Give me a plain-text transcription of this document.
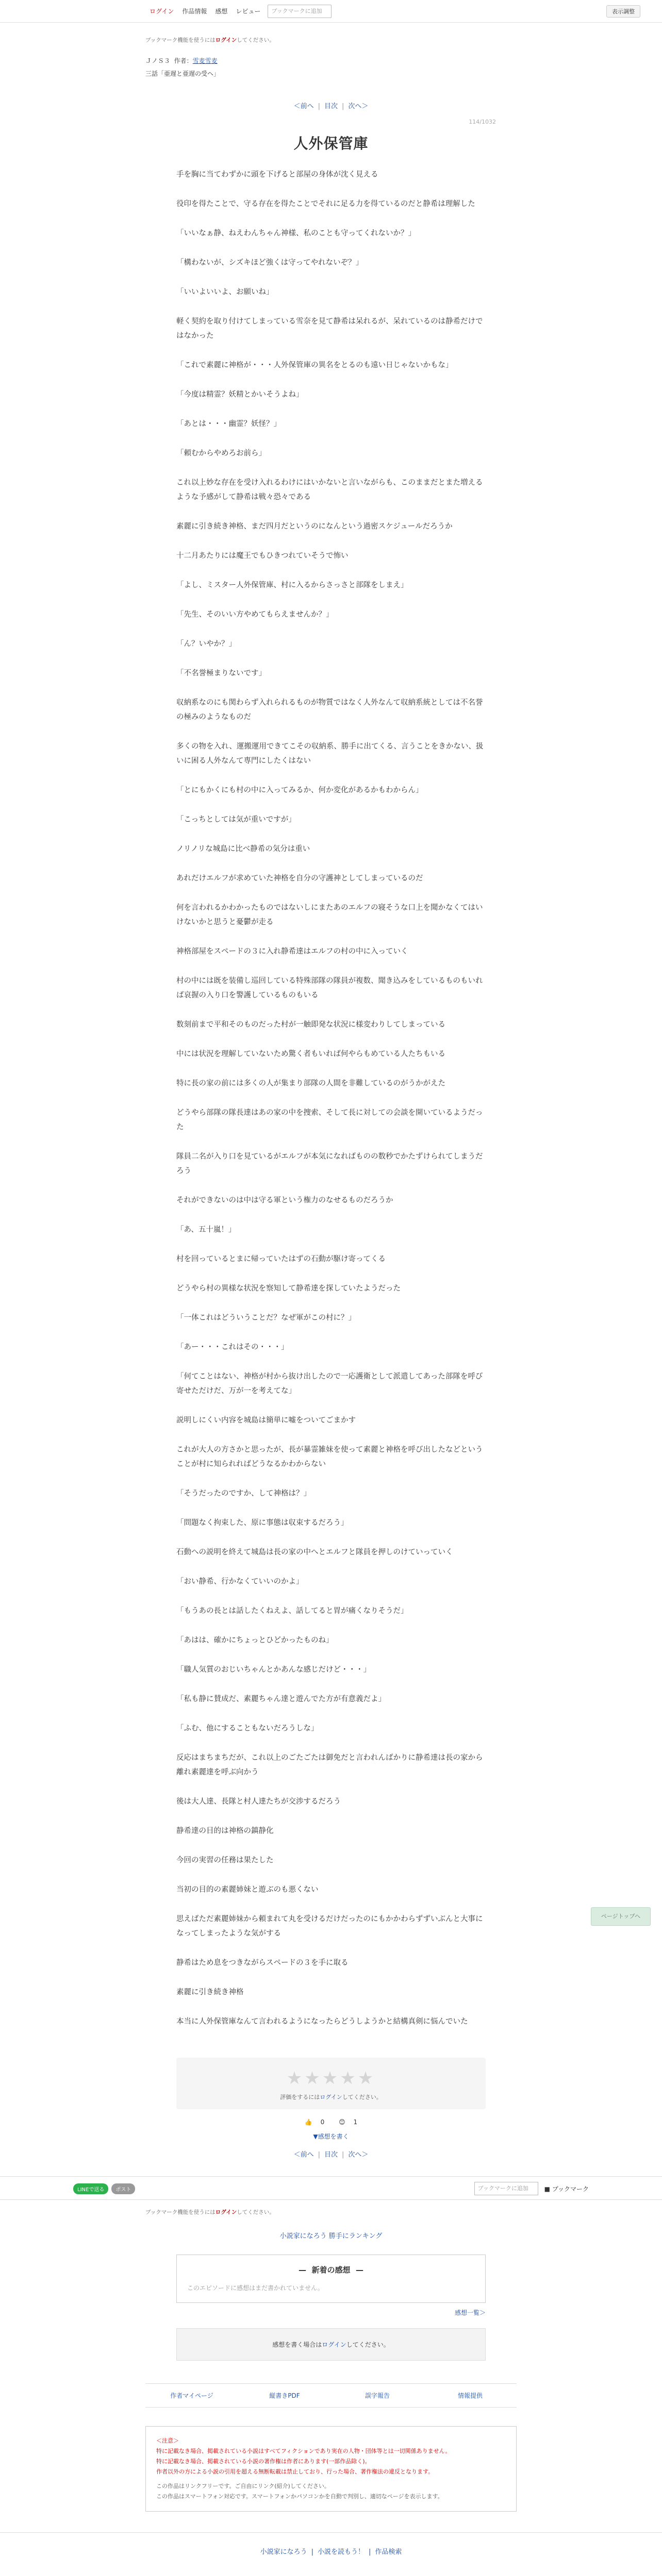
ログイン	作品情報	感想	レビュー	ブックマークに追加	表示調整
ブックマーク機能を使うにはログインしてください。
ＪノＳ３ 作者：雪麦雪麦
三話「亜遅と亜遅の受ヘ」
＜前へ | 目次 | 次へ＞
114/1032
人外保管庫

手を胸に当てわずかに頭を下げると部屋の身体が沈く見える

役印を得たことで、守る存在を得たことでそれに足る力を得ているのだと静希は理解した

「いいなぁ静、ねえわんちゃん神様、私のことも守ってくれないか？」

「構わないが、シズキほど強くは守ってやれないぞ？」

「いいよいいよ、お願いね」

軽く契約を取り付けてしまっている雪奈を見て静希は呆れるが、呆れているのは静希だけではなかった

「これで素麗に神格が・・・人外保管庫の異名をとるのも遠い日じゃないかもな」

「今度は精霊？妖精とかいそうよね」

「あとは・・・幽霊？妖怪？」

「頼むからやめろお前ら」

これ以上妙な存在を受け入れるわけにはいかないと言いながらも、このままだとまた増えるような予感がして静希は戦々恐々である

素麗に引き続き神格、まだ四月だというのになんという過密スケジュールだろうか

十二月あたりには魔王でもひきつれていそうで怖い

「よし、ミスター人外保管庫、村に入るからさっさと部隊をしまえ」

「先生、そのいい方やめてもらえませんか？」

「ん？いやか？」

「不名誉極まりないです」

収納系なのにも関わらず入れられるものが物質ではなく人外なんて収納系統としては不名誉の極みのようなものだ

多くの物を入れ、運搬運用できてこその収納系、勝手に出てくる、言うことをきかない、扱いに困る人外なんて専門にしたくはない

「とにもかくにも村の中に入ってみるか、何か変化があるかもわからん」

「こっちとしては気が重いですが」

ノリノリな城島に比べ静希の気分は重い

あれだけエルフが求めていた神格を自分の守護神としてしまっているのだ

何を言われるかわかったものではないしにまたあのエルフの寝そうな口上を聞かなくてはいけないかと思うと憂鬱が走る

神格部屋をスペードの３に入れ静希達はエルフの村の中に入っていく

村の中には既を装備し巡回している特殊部隊の隊員が複数、聞き込みをしているものもいれば哀握の入り口を警護しているものもいる

数刻前まで平和そのものだった村が一触即発な状況に様変わりしてしまっている

中には状況を理解していないため驚く者もいれば何やらもめている人たちもいる

特に長の家の前には多くの人が集まり部隊の人間を非難しているのがうかがえた

どうやら部隊の隊長達はあの家の中を捜索、そして長に対しての会談を開いているようだった

隊員二名が入り口を見ているがエルフが本気になればものの数秒でかたずけられてしまうだろう

それができないのは中は守る軍という権力のなせるものだろうか

「あ、五十嵐！」

村を回っているとまに帰っていたはずの石動が駆け寄ってくる

どうやら村の異様な状況を察知して静希達を探していたようだった

「一体これはどういうことだ？なぜ軍がこの村に？」

「あー・・・これはその・・・」

「何てことはない、神格が村から抜け出したので一応護衛として派遣してあった部隊を呼び寄せただけだ、万が一を考えてな」

説明しにくい内容を城島は簡単に嘘をついてごまかす

これが大人の方さかと思ったが、長が暴霊雑妹を使って素麗と神格を呼び出したなどということが村に知られればどうなるかわからない

「そうだったのですか、して神格は？」

「問題なく拘束した、原に事態は収束するだろう」

石動への説明を終えて城島は長の家の中へとエルフと隊員を押しのけていっていく

「おい静希、行かなくていいのかよ」

「もうあの長とは話したくねえよ、話してると胃が痛くなりそうだ」

「あはは、確かにちょっとひどかったものね」

「職人気質のおじいちゃんとかあんな感じだけど・・・」

「私も静に賛成だ、素麗ちゃん達と遊んでた方が有意義だよ」

「ふむ、他にすることもないだろうしな」

反応はまちまちだが、これ以上のごたごたは御免だと言われんばかりに静希達は長の家から離れ素麗達を呼ぶ向かう

後は大人達、長隊と村人達たちが交渉するだろう

静希達の目的は神格の鎮静化

今回の実習の任務は果たした

当初の目的の素麗姉妹と遊ぶのも悪くない

思えばただ素麗姉妹から頼まれて丸を受けるだけだったのにもかかわらずずいぶんと大事になってしまったような気がする

静希はため息をつきながらスペードの３を手に取る

素麗に引き続き神格

本当に人外保管庫なんて言われるようになったらどうしようかと結構真剣に悩んでいた

★★★★★
評価をするにはログインしてください。
👍 0 😊 1
▼感想を書く
＜前へ | 目次 | 次へ＞
LINEで送る	ポスト	ブックマークに追加	■ ブックマーク
ブックマーク機能を使うにはログインしてください。
小説家になろう 勝手にランキング
—  新着の感想  —
このエピソードに感想はまだ書かれていません。
感想一覧＞
感想を書く場合はログインしてください。
作者マイページ	縦書きPDF	誤字報告	情報提供
＜注意＞
特に記載なき場合、掲載されている小説はすべてフィクションであり実在の人物・団体等とは一切関係ありません。
特に記載なき場合、掲載されている小説の著作権は作者にあります(一部作品除く)。
作者以外の方による小説の引用を超える無断転載は禁止しており、行った場合、著作権法の違反となります。
この作品はリンクフリーです。ご自由にリンク(紹介)してください。
この作品はスマートフォン対応です。スマートフォンかパソコンかを自動で判別し、適切なページを表示します。
小説家になろう | 小説を読もう！ | 作品検索
ページトップへ
